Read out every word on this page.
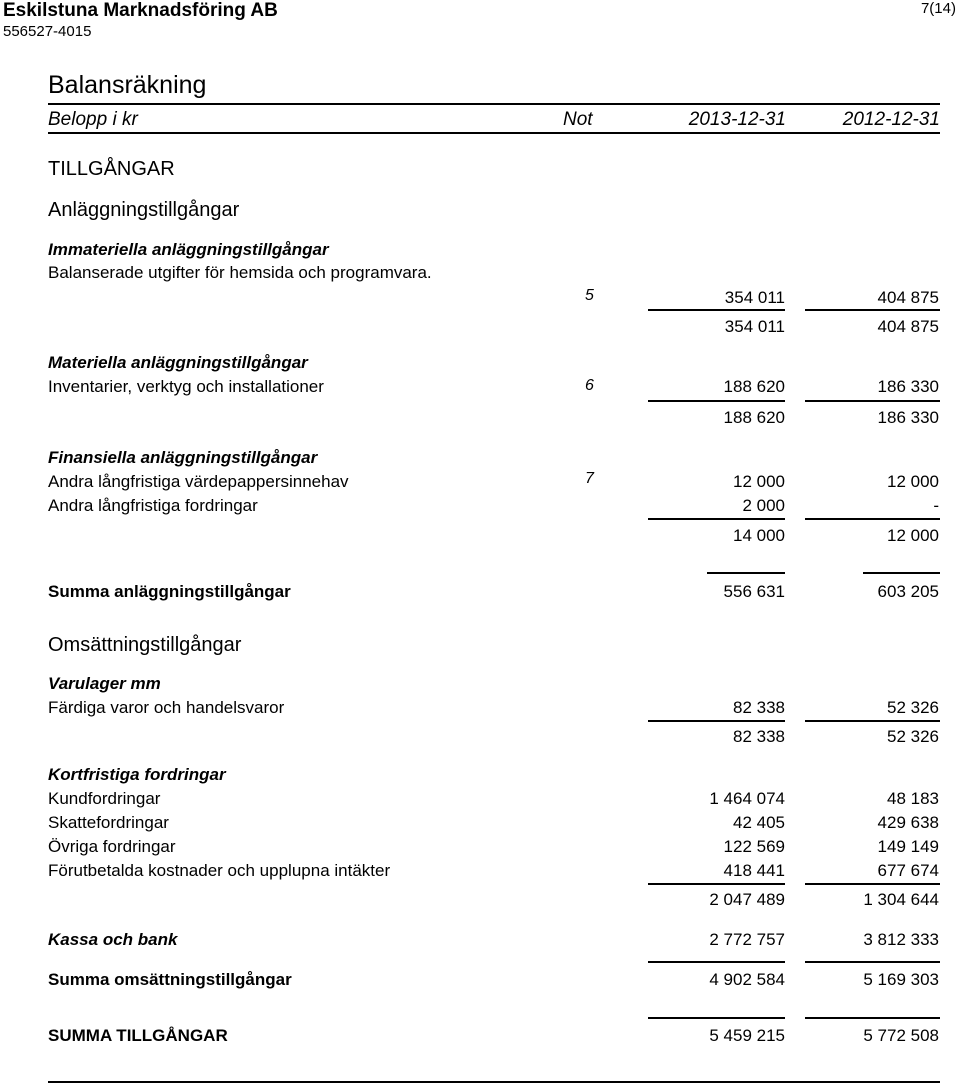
Eskilstuna Marknadsföring AB
556527-4015
7(14)
Balansräkning
Belopp i kr	Not	2013-12-31	2012-12-31
TILLGÅNGAR
Anläggningstillgångar
Immateriella anläggningstillgångar
Balanserade utgifter för hemsida och programvara.
5	354 011	404 875
354 011	404 875
Materiella anläggningstillgångar
Inventarier, verktyg och installationer	6	188 620	186 330
188 620	186 330
Finansiella anläggningstillgångar
Andra långfristiga värdepappersinnehav	7	12 000	12 000
Andra långfristiga fordringar	2 000	-
14 000	12 000
Summa anläggningstillgångar	556 631	603 205
Omsättningstillgångar
Varulager mm
Färdiga varor och handelsvaror	82 338	52 326
82 338	52 326
Kortfristiga fordringar
Kundfordringar	1 464 074	48 183
Skattefordringar	42 405	429 638
Övriga fordringar	122 569	149 149
Förutbetalda kostnader och upplupna intäkter	418 441	677 674
2 047 489	1 304 644
Kassa och bank	2 772 757	3 812 333
Summa omsättningstillgångar	4 902 584	5 169 303
SUMMA TILLGÅNGAR	5 459 215	5 772 508
